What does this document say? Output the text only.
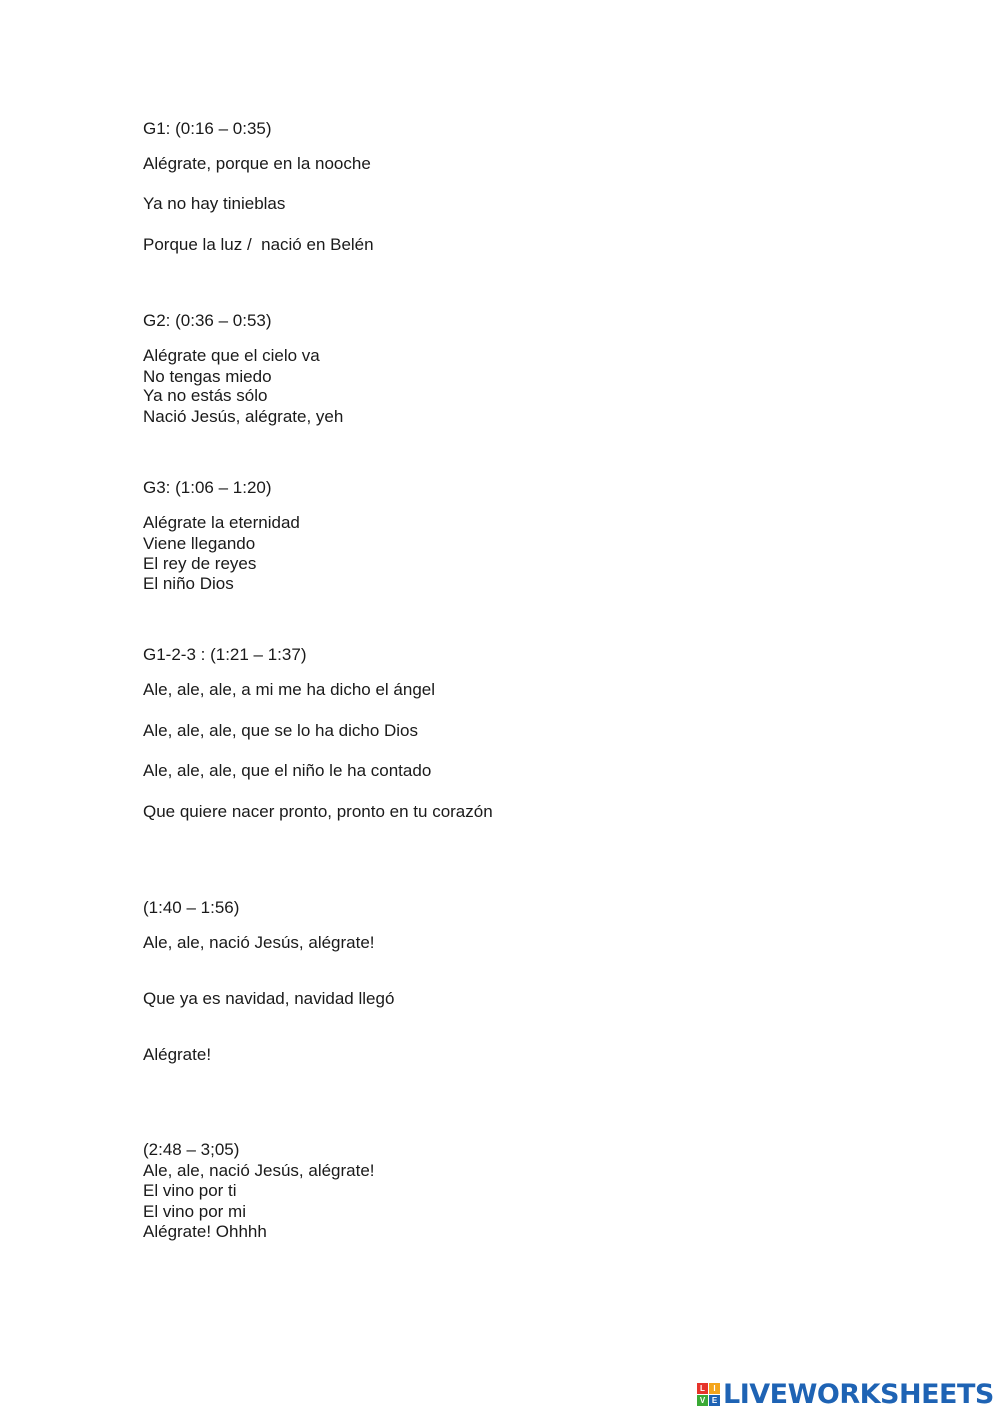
G1: (0:16 – 0:35)
Alégrate, porque en la nooche
Ya no hay tinieblas
Porque la luz /  nació en Belén
G2: (0:36 – 0:53)
Alégrate que el cielo va
No tengas miedo
Ya no estás sólo
Nació Jesús, alégrate, yeh
G3: (1:06 – 1:20)
Alégrate la eternidad
Viene llegando
El rey de reyes
El niño Dios
G1-2-3 : (1:21 – 1:37)
Ale, ale, ale, a mi me ha dicho el ángel
Ale, ale, ale, que se lo ha dicho Dios
Ale, ale, ale, que el niño le ha contado
Que quiere nacer pronto, pronto en tu corazón
(1:40 – 1:56)
Ale, ale, nació Jesús, alégrate!
Que ya es navidad, navidad llegó
Alégrate!
(2:48 – 3;05)
Ale, ale, nació Jesús, alégrate!
El vino por ti
El vino por mi
Alégrate! Ohhhh
L	I
V E LIVEWORKSHEETS
